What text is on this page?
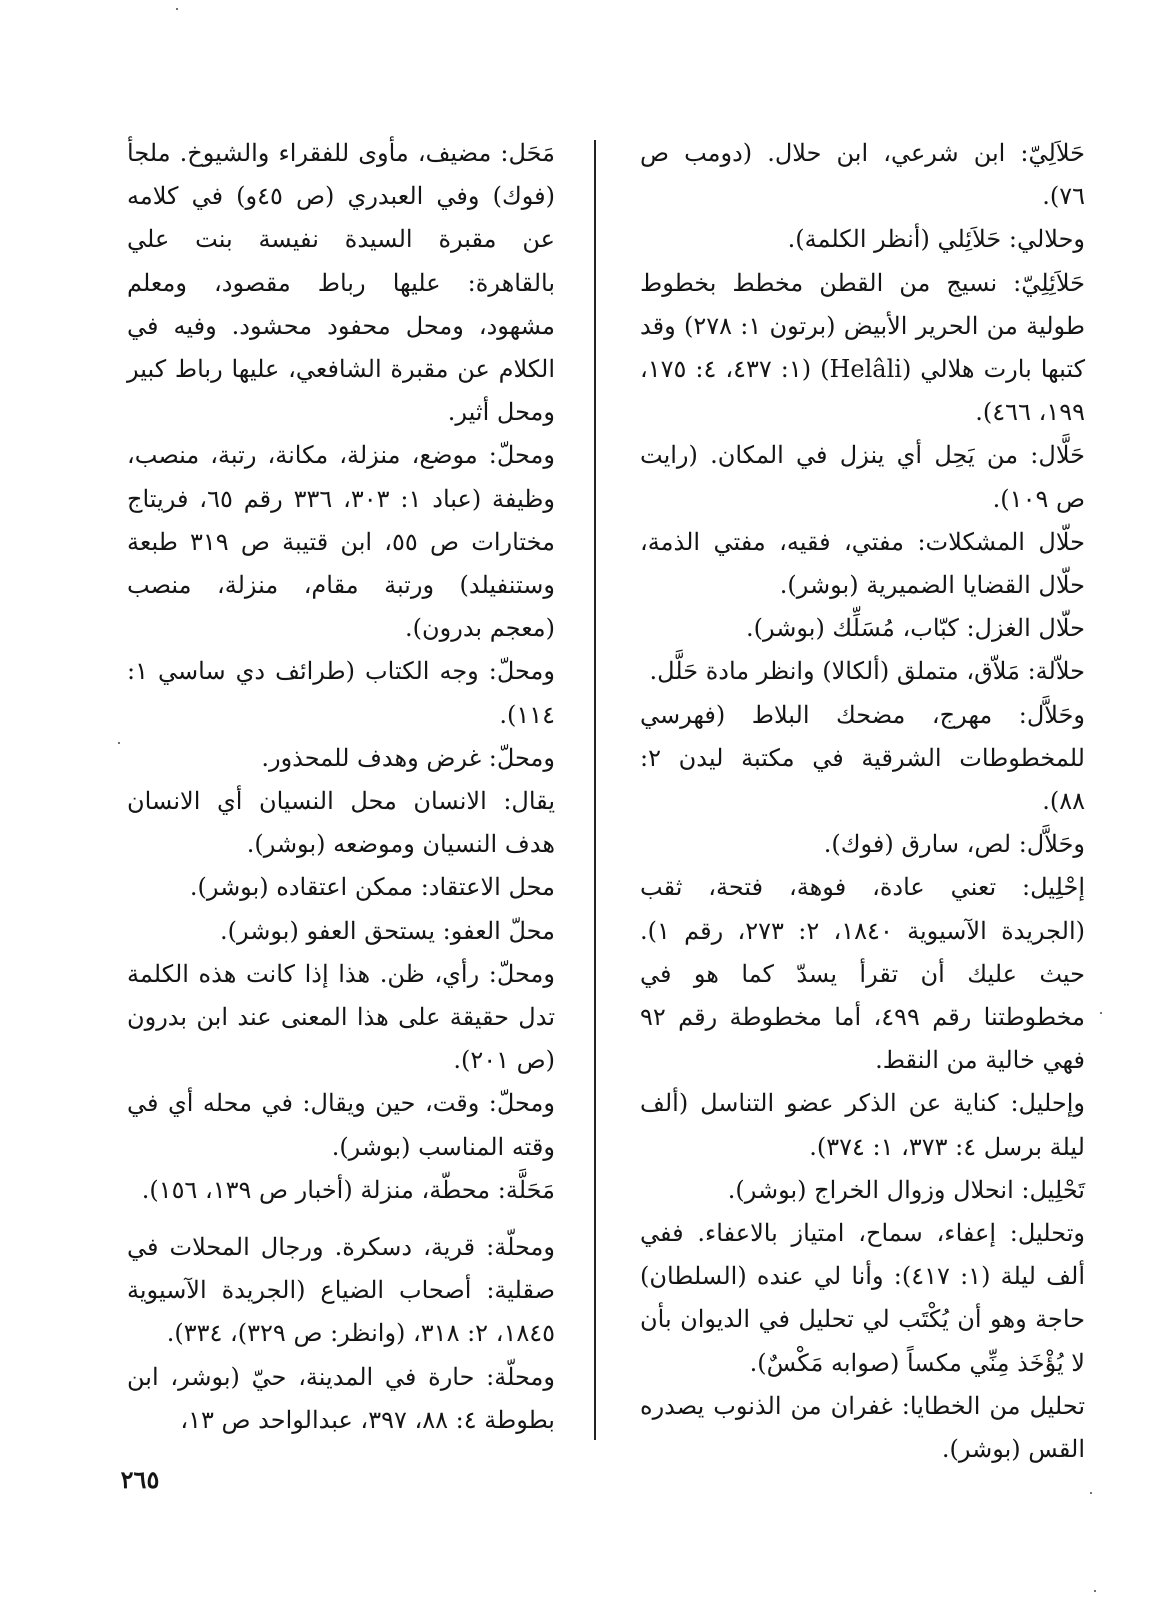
حَلاَلِيّ: ابن شرعي، ابن حلال. (دومب ص ٧٦).

وحلالي: حَلاَئِلي (أنظر الكلمة).

حَلاَئِلِيّ: نسيج من القطن مخطط بخطوط طولية من الحرير الأبيض (برتون ١: ٢٧٨) وقد كتبها بارت هلالي (Helâli) (١: ٤٣٧، ٤: ١٧٥، ١٩٩، ٤٦٦).

حَلَّال: من يَحِل أي ينزل في المكان. (رايت ص ١٠٩).

حلّال المشكلات: مفتي، فقيه، مفتي الذمة، حلّال القضايا الضميرية (بوشر).

حلّال الغزل: كبّاب، مُسَلِّك (بوشر).

حلاّلة: مَلاّق، متملق (ألكالا) وانظر مادة حَلَّل.

وحَلاَّل: مهرج، مضحك البلاط (فهرسي للمخطوطات الشرقية في مكتبة ليدن ٢: ٨٨).

وحَلاَّل: لص، سارق (فوك).

إحْلِيل: تعني عادة، فوهة، فتحة، ثقب (الجريدة الآسيوية ١٨٤٠، ٢: ٢٧٣، رقم ١). حيث عليك أن تقرأ يسدّ كما هو في مخطوطتنا رقم ٤٩٩، أما مخطوطة رقم ٩٢ فهي خالية من النقط.

وإحليل: كناية عن الذكر عضو التناسل (ألف ليلة برسل ٤: ٣٧٣، ١: ٣٧٤).

تَحْلِيل: انحلال وزوال الخراج (بوشر).

وتحليل: إعفاء، سماح، امتياز بالاعفاء. ففي ألف ليلة (١: ٤١٧): وأنا لي عنده (السلطان) حاجة وهو أن يُكْتَب لي تحليل في الديوان بأن لا يُؤْخَذ مِنِّي مكساً (صوابه مَكْسٌ).

تحليل من الخطايا: غفران من الذنوب يصدره القس (بوشر).

مَحَل: مضيف، مأوى للفقراء والشيوخ. ملجأ (فوك) وفي العبدري (ص ٤٥و) في كلامه عن مقبرة السيدة نفيسة بنت علي بالقاهرة: عليها رباط مقصود، ومعلم مشهود، ومحل محفود محشود. وفيه في الكلام عن مقبرة الشافعي، عليها رباط كبير ومحل أثير.

ومحلّ: موضع، منزلة، مكانة، رتبة، منصب، وظيفة (عباد ١: ٣٠٣، ٣٣٦ رقم ٦٥، فريتاج مختارات ص ٥٥، ابن قتيبة ص ٣١٩ طبعة وستنفيلد) ورتبة مقام، منزلة، منصب (معجم بدرون).

ومحلّ: وجه الكتاب (طرائف دي ساسي ١: ١١٤).

ومحلّ: غرض وهدف للمحذور.

يقال: الانسان محل النسيان أي الانسان هدف النسيان وموضعه (بوشر).

محل الاعتقاد: ممكن اعتقاده (بوشر).

محلّ العفو: يستحق العفو (بوشر).

ومحلّ: رأي، ظن. هذا إذا كانت هذه الكلمة تدل حقيقة على هذا المعنى عند ابن بدرون (ص ٢٠١).

ومحلّ: وقت، حين ويقال: في محله أي في وقته المناسب (بوشر).

مَحَلَّة: محطّة، منزلة (أخبار ص ١٣٩، ١٥٦).

ومحلّة: قرية، دسكرة. ورجال المحلات في صقلية: أصحاب الضياع (الجريدة الآسيوية ١٨٤٥، ٢: ٣١٨، (وانظر: ص ٣٢٩)، ٣٣٤).

ومحلّة: حارة في المدينة، حيّ (بوشر، ابن بطوطة ٤: ٨٨، ٣٩٧، عبدالواحد ص ١٣،

٢٦٥
